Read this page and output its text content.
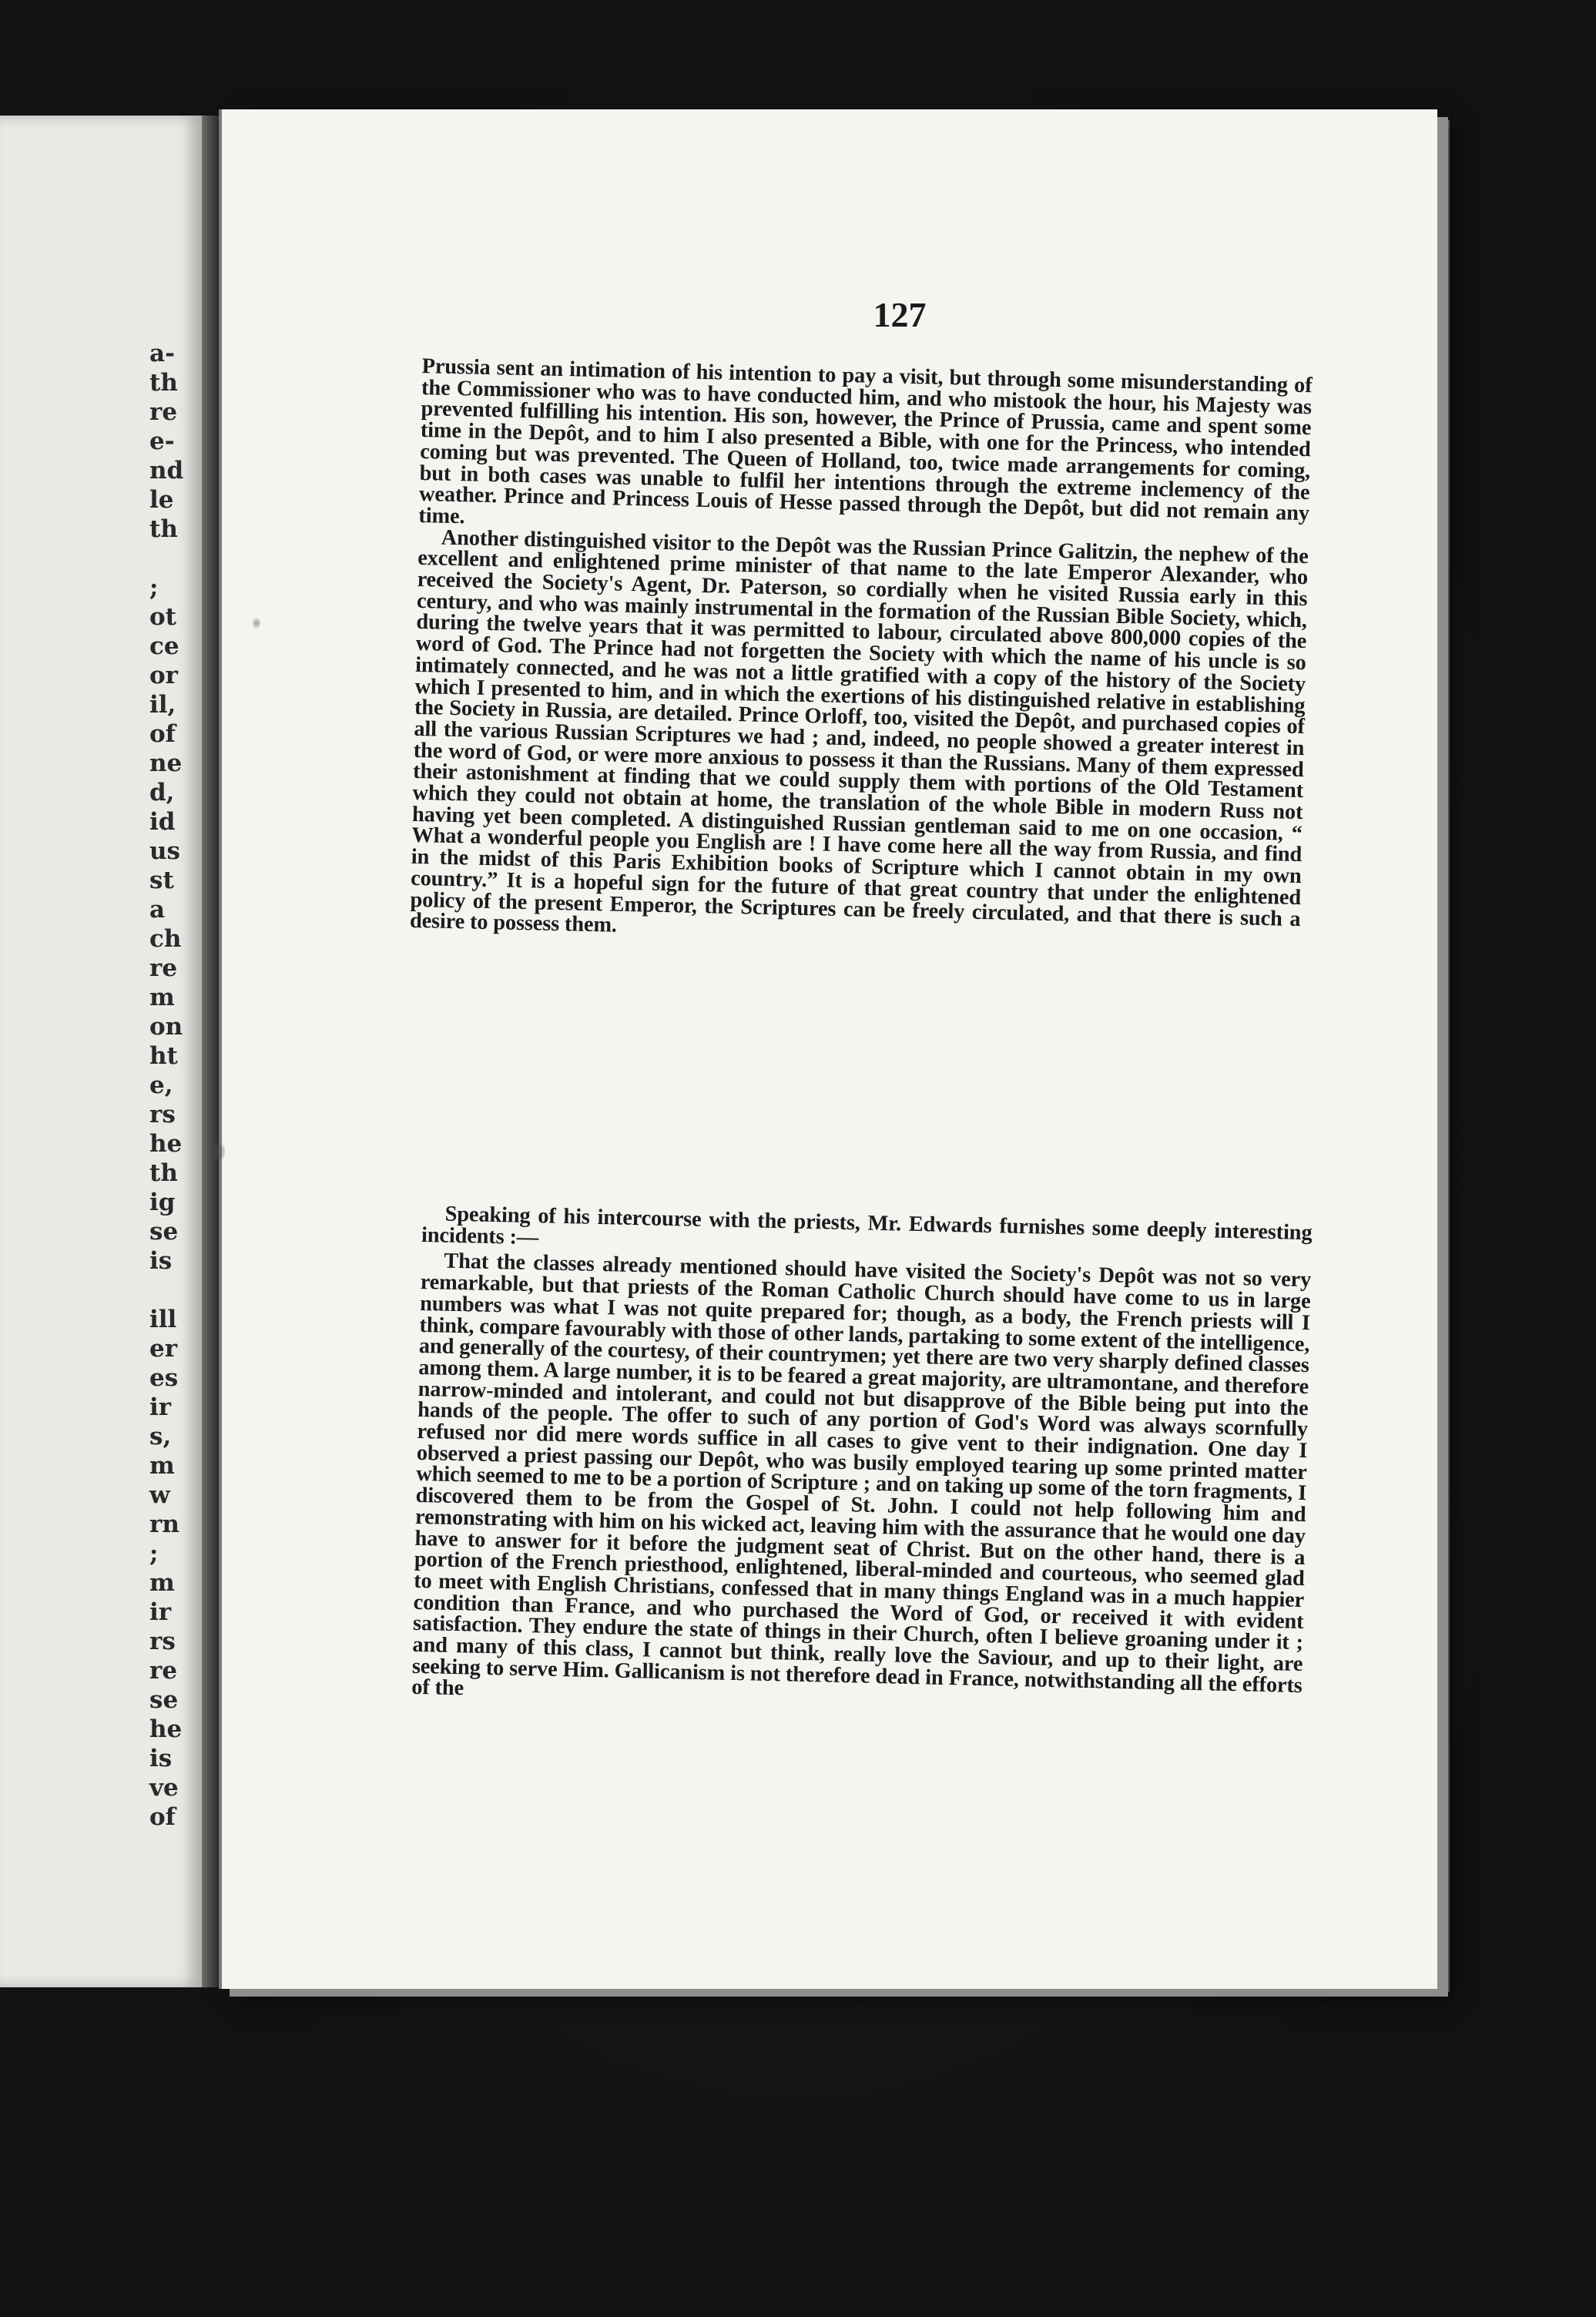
a-
th
re
e-
nd
le
th

;
ot
ce
or
il,
of
ne
d,
id
us
st
a
ch
re
m
on
ht
e,
rs
he
th
ig
se
is

ill
er
es
ir
s,
m
w
rn
;
m
ir
rs
re
se
he
is
ve
of
127

Prussia sent an intimation of his intention to pay a visit, but through some misunderstanding of the Commissioner who was to have conducted him, and who mistook the hour, his Majesty was prevented fulfilling his intention. His son, however, the Prince of Prussia, came and spent some time in the Depôt, and to him I also presented a Bible, with one for the Princess, who intended coming but was prevented. The Queen of Holland, too, twice made arrangements for coming, but in both cases was unable to fulfil her intentions through the extreme inclemency of the weather. Prince and Princess Louis of Hesse passed through the Depôt, but did not remain any time.

Another distinguished visitor to the Depôt was the Russian Prince Galitzin, the nephew of the excellent and enlightened prime minister of that name to the late Emperor Alexander, who received the Society's Agent, Dr. Paterson, so cordially when he visited Russia early in this century, and who was mainly instrumental in the formation of the Russian Bible Society, which, during the twelve years that it was permitted to labour, circulated above 800,000 copies of the word of God. The Prince had not forgetten the Society with which the name of his uncle is so intimately connected, and he was not a little gratified with a copy of the history of the Society which I presented to him, and in which the exertions of his distinguished relative in establishing the Society in Russia, are detailed. Prince Orloff, too, visited the Depôt, and purchased copies of all the various Russian Scriptures we had ; and, indeed, no people showed a greater interest in the word of God, or were more anxious to possess it than the Russians. Many of them expressed their astonishment at finding that we could supply them with portions of the Old Testament which they could not obtain at home, the translation of the whole Bible in modern Russ not having yet been completed. A distinguished Russian gentleman said to me on one occasion, “ What a wonderful people you English are ! I have come here all the way from Russia, and find in the midst of this Paris Exhibition books of Scripture which I cannot obtain in my own country.” It is a hopeful sign for the future of that great country that under the enlightened policy of the present Emperor, the Scriptures can be freely circulated, and that there is such a desire to possess them.

Speaking of his intercourse with the priests, Mr. Edwards furnishes some deeply interesting incidents :—

That the classes already mentioned should have visited the Society's Depôt was not so very remarkable, but that priests of the Roman Catholic Church should have come to us in large numbers was what I was not quite prepared for; though, as a body, the French priests will I think, compare favourably with those of other lands, partaking to some extent of the intelligence, and generally of the courtesy, of their countrymen; yet there are two very sharply defined classes among them. A large number, it is to be feared a great majority, are ultramontane, and therefore narrow-minded and intolerant, and could not but disapprove of the Bible being put into the hands of the people. The offer to such of any portion of God's Word was always scornfully refused nor did mere words suffice in all cases to give vent to their indignation. One day I observed a priest passing our Depôt, who was busily employed tearing up some printed matter which seemed to me to be a portion of Scripture ; and on taking up some of the torn fragments, I discovered them to be from the Gospel of St. John. I could not help following him and remonstrating with him on his wicked act, leaving him with the assurance that he would one day have to answer for it before the judgment seat of Christ. But on the other hand, there is a portion of the French priesthood, enlightened, liberal-minded and courteous, who seemed glad to meet with English Christians, confessed that in many things England was in a much happier condition than France, and who purchased the Word of God, or received it with evident satisfaction. They endure the state of things in their Church, often I believe groaning under it ; and many of this class, I cannot but think, really love the Saviour, and up to their light, are seeking to serve Him. Gallicanism is not therefore dead in France, notwithstanding all the efforts of the
